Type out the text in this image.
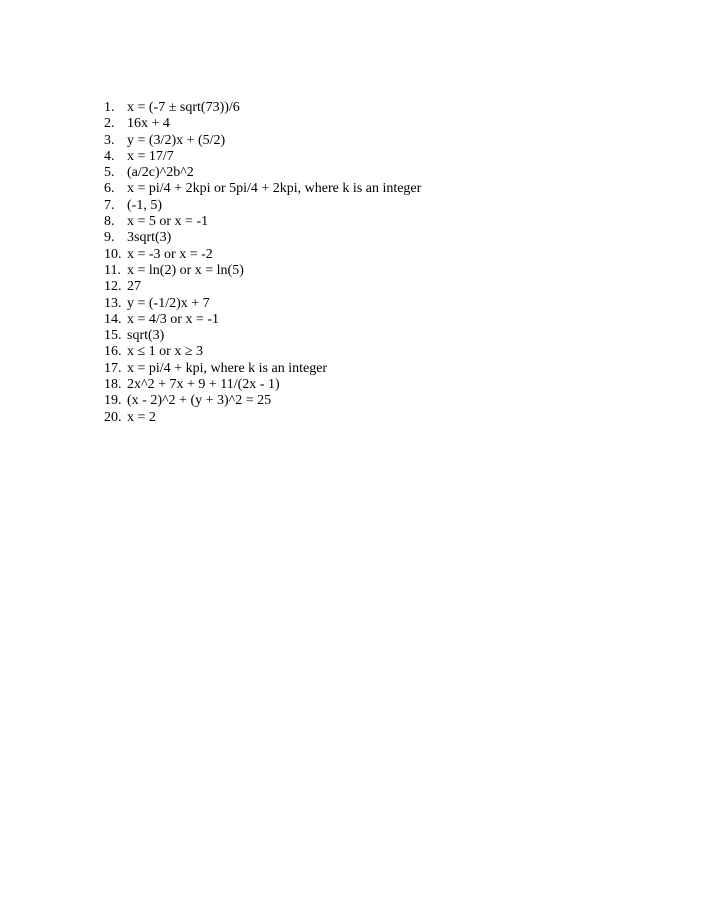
1. x = (-7 ± sqrt(73))/6
2. 16x + 4
3. y = (3/2)x + (5/2)
4. x = 17/7
5. (a/2c)^2b^2
6. x = pi/4 + 2kpi or 5pi/4 + 2kpi, where k is an integer
7. (-1, 5)
8. x = 5 or x = -1
9. 3sqrt(3)
10. x = -3 or x = -2
11. x = ln(2) or x = ln(5)
12. 27
13. y = (-1/2)x + 7
14. x = 4/3 or x = -1
15. sqrt(3)
16. x ≤ 1 or x ≥ 3
17. x = pi/4 + kpi, where k is an integer
18. 2x^2 + 7x + 9 + 11/(2x - 1)
19. (x - 2)^2 + (y + 3)^2 = 25
20. x = 2
